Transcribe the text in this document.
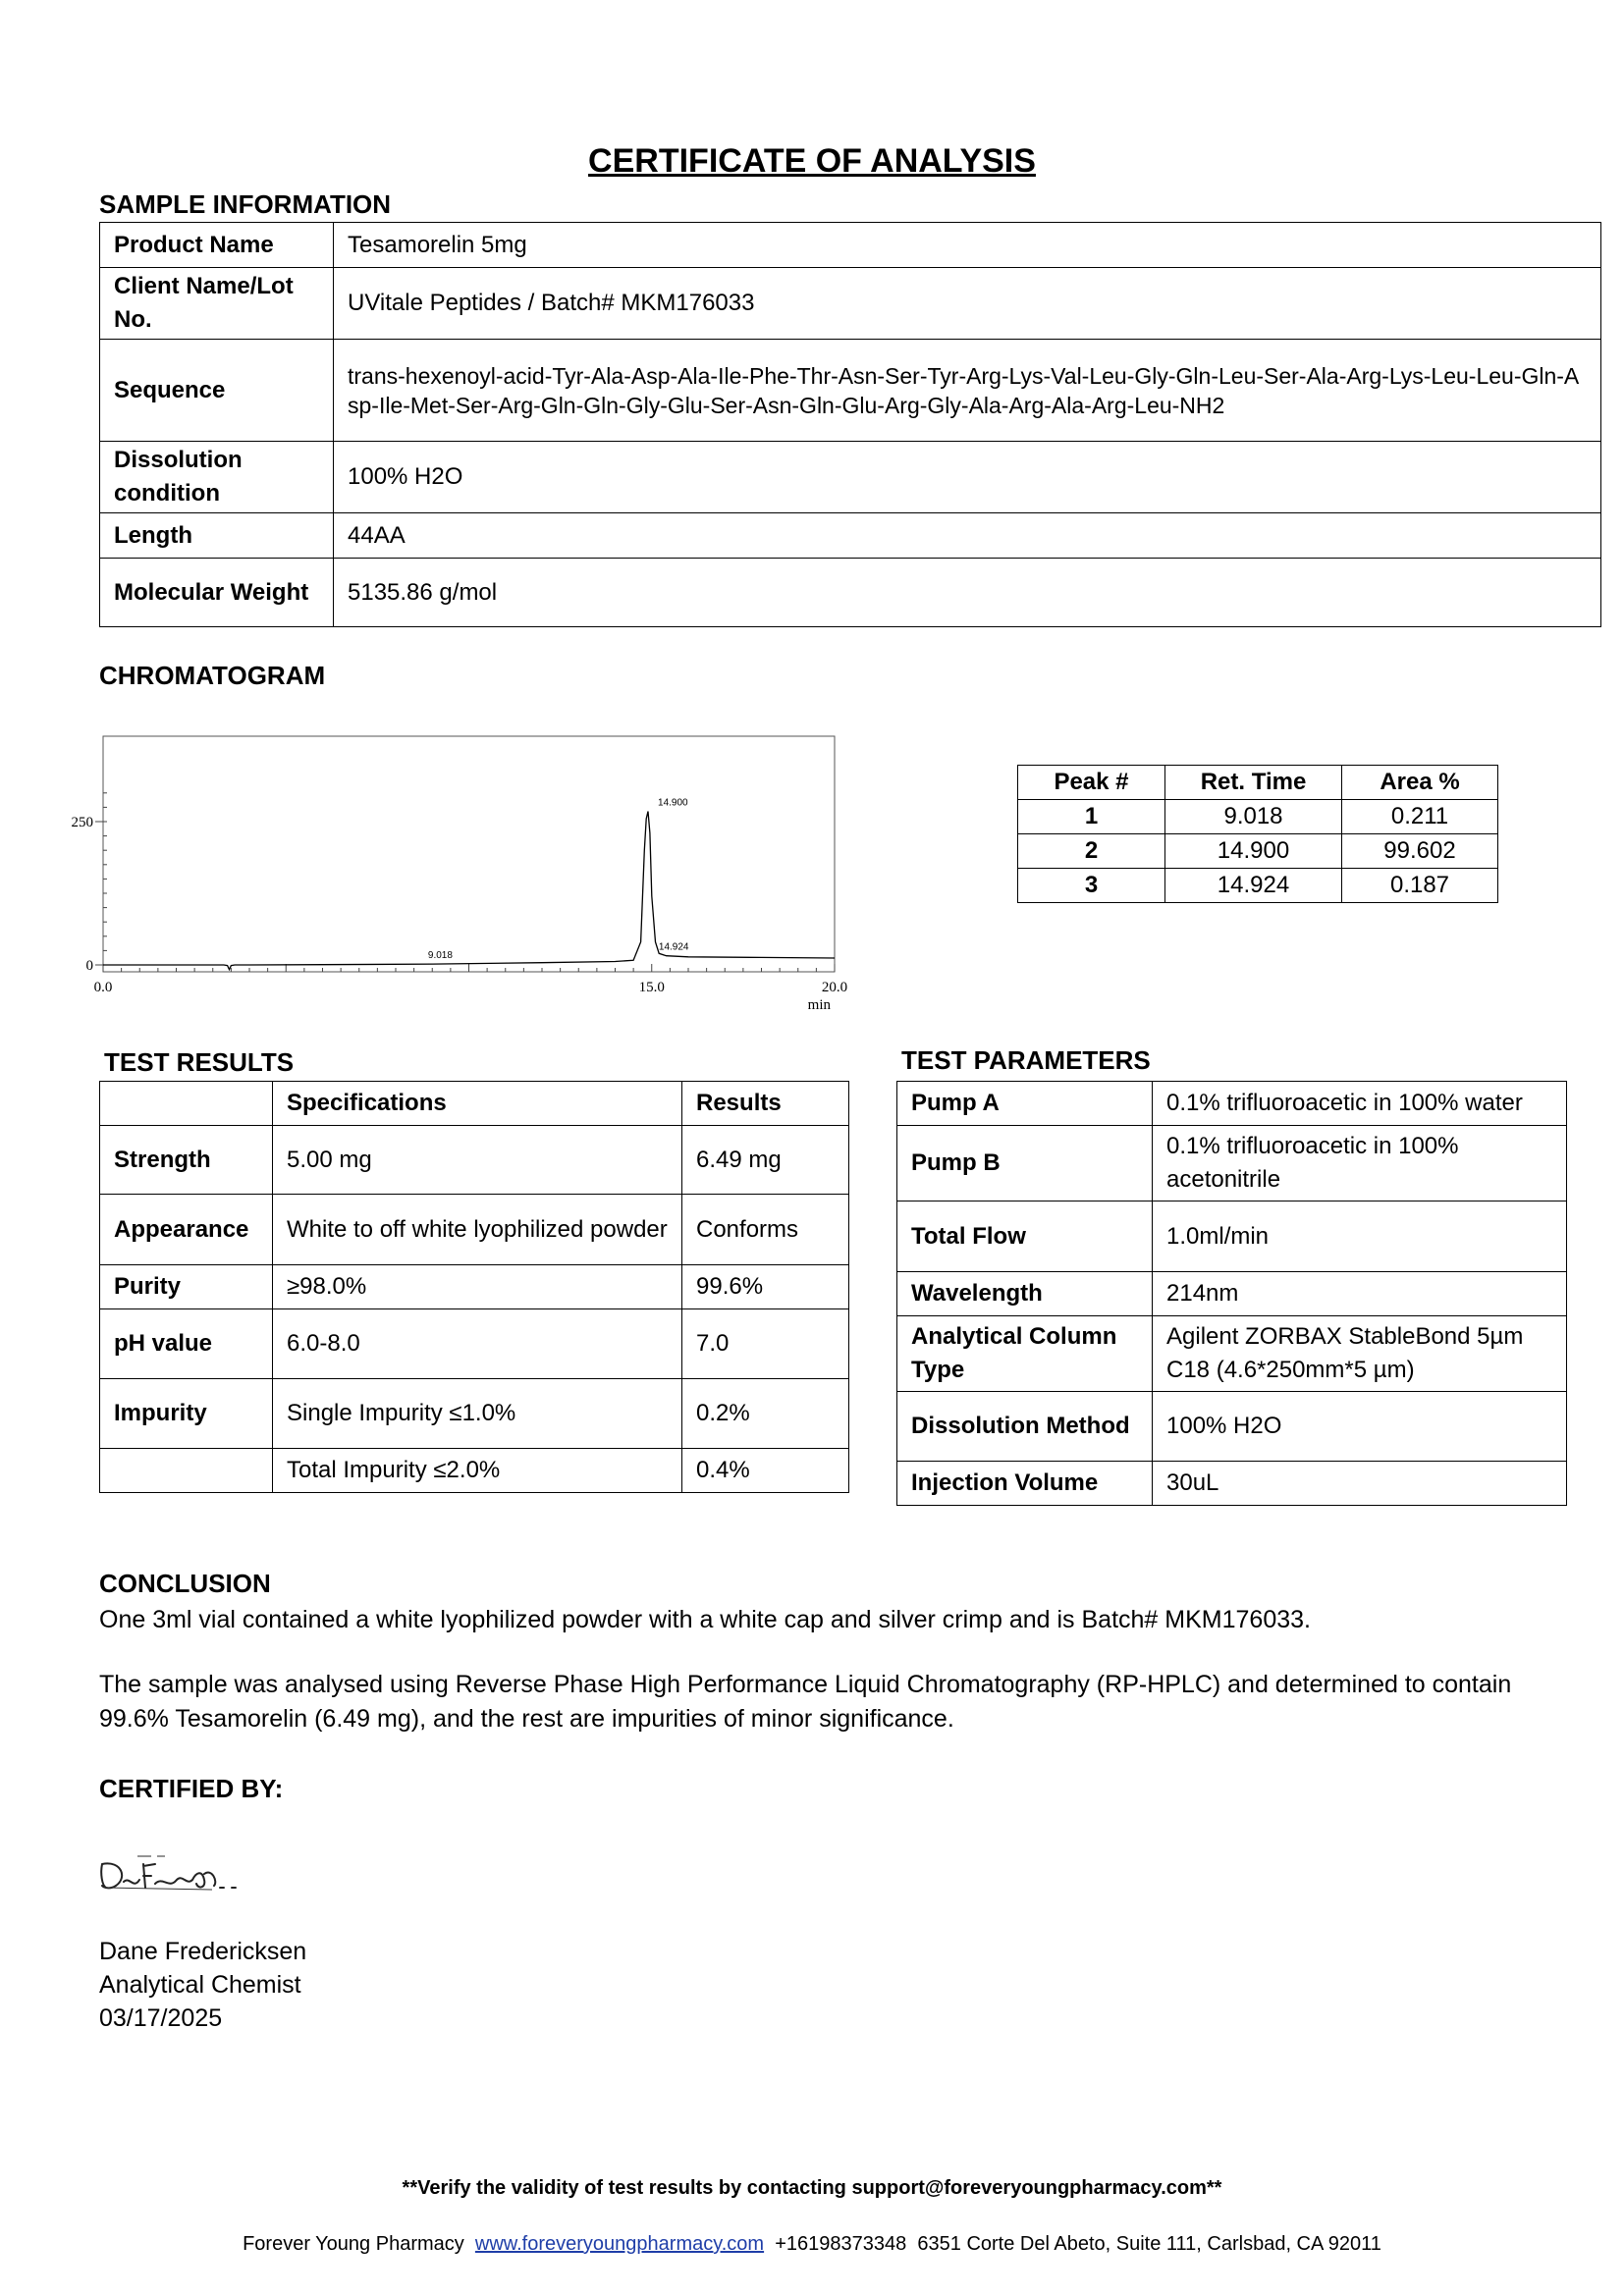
CERTIFICATE OF ANALYSIS
SAMPLE INFORMATION
Product Name	Tesamorelin 5mg
Client Name/Lot No.	UVitale Peptides / Batch# MKM176033
Sequence	trans-hexenoyl-acid-Tyr-Ala-Asp-Ala-Ile-Phe-Thr-Asn-Ser-Tyr-Arg-Lys-Val-Leu-Gly-Gln-Leu-Ser-Ala-Arg-Lys-Leu-Leu-Gln-Asp-Ile-Met-Ser-Arg-Gln-Gln-Gly-Glu-Ser-Asn-Gln-Glu-Arg-Gly-Ala-Arg-Ala-Arg-Leu-NH2
Dissolution condition	100% H2O
Length	44AA
Molecular Weight	5135.86 g/mol
CHROMATOGRAM
0
250
0.0	15.0	20.0
min
9.018
14.900
14.924
Peak #	Ret. Time	Area %
1	9.018	0.211
2	14.900	99.602
3	14.924	0.187
TEST RESULTS
	Specifications	Results
Strength	5.00 mg	6.49 mg
Appearance	White to off white lyophilized powder	Conforms
Purity	≥98.0%	99.6%
pH value	6.0-8.0	7.0
Impurity	Single Impurity ≤1.0%	0.2%
	Total Impurity ≤2.0%	0.4%
TEST PARAMETERS
Pump A	0.1% trifluoroacetic in 100% water
Pump B	0.1% trifluoroacetic in 100% acetonitrile
Total Flow	1.0ml/min
Wavelength	214nm
Analytical Column Type	Agilent ZORBAX StableBond 5µm C18 (4.6*250mm*5 µm)
Dissolution Method	100% H2O
Injection Volume	30uL
CONCLUSION
One 3ml vial contained a white lyophilized powder with a white cap and silver crimp and is Batch# MKM176033.
The sample was analysed using Reverse Phase High Performance Liquid Chromatography (RP-HPLC) and determined to contain 99.6% Tesamorelin (6.49 mg), and the rest are impurities of minor significance.
CERTIFIED BY:
Dane Fredericksen
Analytical Chemist
03/17/2025
**Verify the validity of test results by contacting support@foreveryoungpharmacy.com**
Forever Young Pharmacy www.foreveryoungpharmacy.com +16198373348 6351 Corte Del Abeto, Suite 111, Carlsbad, CA 92011
